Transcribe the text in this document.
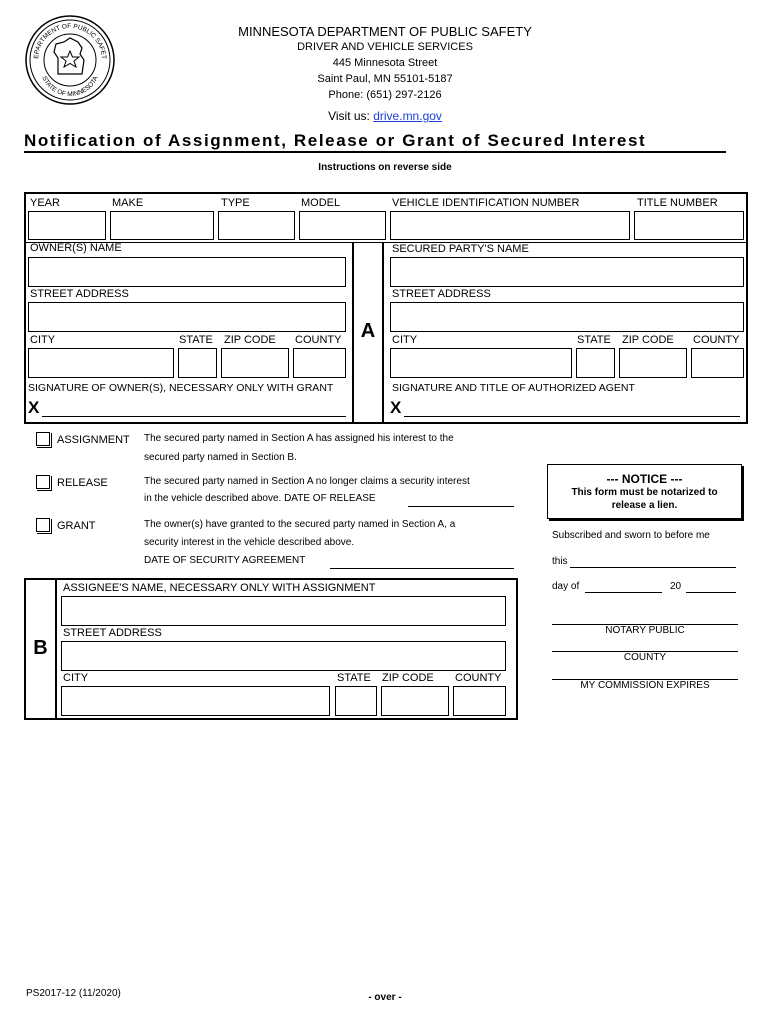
EPARTMENT OF PUBLIC SAFET
STATE OF MINNESOTA
MINNESOTA DEPARTMENT OF PUBLIC SAFETY
DRIVER AND VEHICLE SERVICES
445 Minnesota Street
Saint Paul, MN 55101-5187
Phone: (651) 297-2126
Visit us: drive.mn.gov
Notification of Assignment, Release or Grant of Secured Interest
Instructions on reverse side
YEAR	MAKE	TYPE	MODEL	VEHICLE IDENTIFICATION NUMBER	TITLE NUMBER
A
OWNER(S) NAME
STREET ADDRESS
CITY	STATE ZIP CODE COUNTY
SIGNATURE OF OWNER(S), NECESSARY ONLY WITH GRANT
X
SECURED PARTY'S NAME
STREET ADDRESS
CITY	STATE ZIP CODE COUNTY
SIGNATURE AND TITLE OF AUTHORIZED AGENT
X
ASSIGNMENT The secured party named in Section A has assigned his interest to the
secured party named in Section B.
RELEASE	The secured party named in Section A no longer claims a security interest
in the vehicle described above. DATE OF RELEASE
GRANT	The owner(s) have granted to the secured party named in Section A, a
security interest in the vehicle described above.
DATE OF SECURITY AGREEMENT
B
ASSIGNEE'S NAME, NECESSARY ONLY WITH ASSIGNMENT
STREET ADDRESS
CITY	STATE ZIP CODE COUNTY
--- NOTICE ---
This form must be notarized to
release a lien.
Subscribed and sworn to before me
this
day of	20
NOTARY PUBLIC
COUNTY
MY COMMISSION EXPIRES
PS2017-12 (11/2020)	- over -
